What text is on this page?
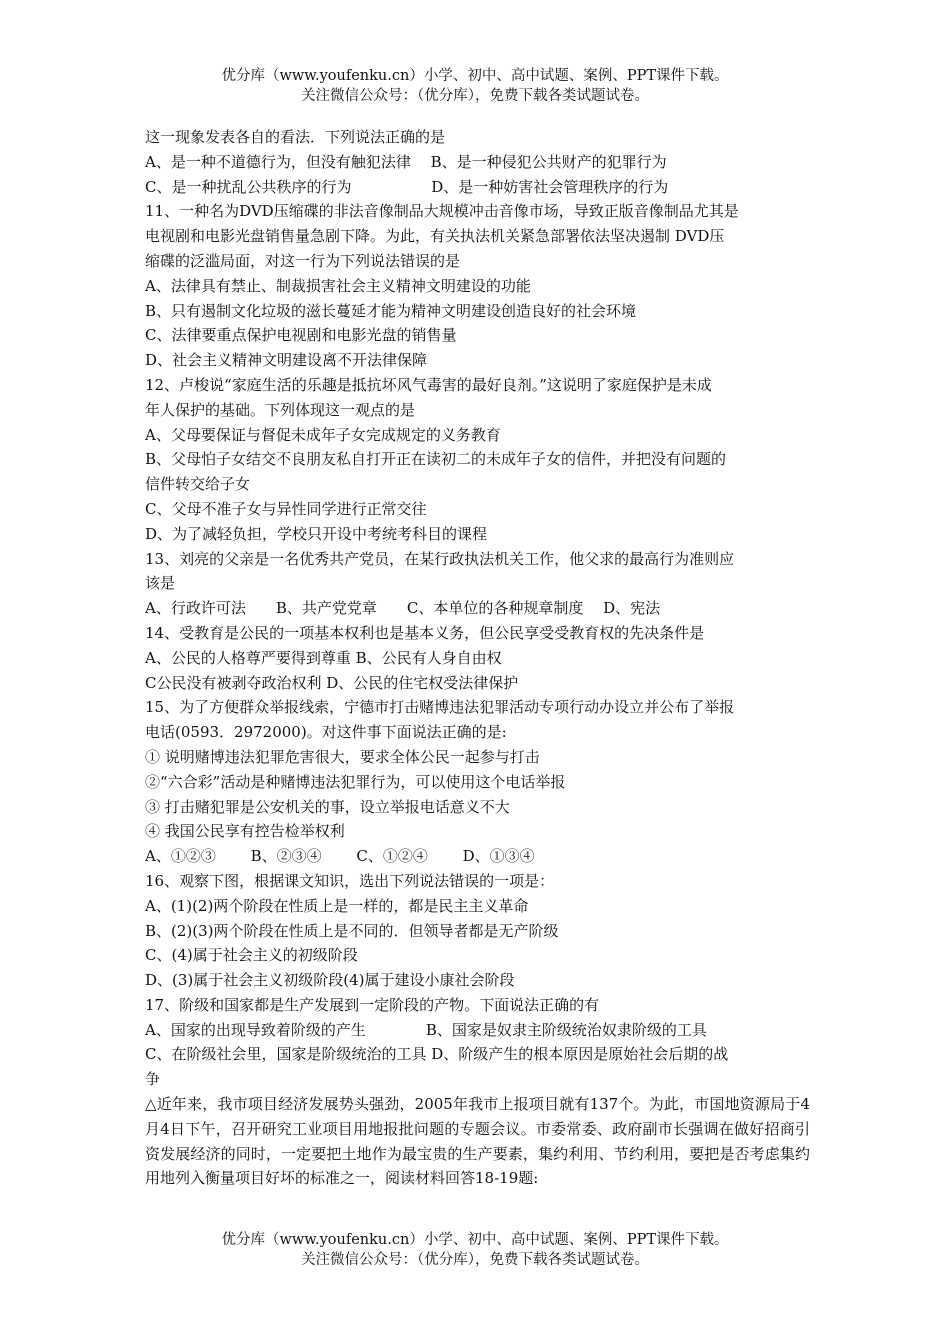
优分库（www.youfenku.cn）小学、初中、高中试题、案例、PPT课件下载。
关注微信公众号：（优分库），免费下载各类试题试卷。
这一现象发表各自的看法．下列说法正确的是
A、是一种不道德行为，但没有触犯法律　 B、是一种侵犯公共财产的犯罪行为
C、是一种扰乱公共秩序的行为　　　　　 D、是一种妨害社会管理秩序的行为
11、一种名为DVD压缩碟的非法音像制品大规模冲击音像市场，导致正版音像制品尤其是
电视剧和电影光盘销售量急剧下降。为此，有关执法机关紧急部署依法坚决遏制 DVD压
缩碟的泛滥局面，对这一行为下列说法错误的是
A、法律具有禁止、制裁损害社会主义精神文明建设的功能
B、只有遏制文化垃圾的滋长蔓延才能为精神文明建设创造良好的社会环境
C、法律要重点保护电视剧和电影光盘的销售量
D、社会主义精神文明建设离不开法律保障
12、卢梭说“家庭生活的乐趣是抵抗坏风气毒害的最好良剂。”这说明了家庭保护是未成
年人保护的基础。下列体现这一观点的是
A、父母要保证与督促未成年子女完成规定的义务教育
B、父母怕子女结交不良朋友私自打开正在读初二的未成年子女的信件，并把没有问题的
信件转交给子女
C、父母不准子女与异性同学进行正常交往
D、为了减轻负担，学校只开设中考统考科目的课程
13、刘亮的父亲是一名优秀共产党员，在某行政执法机关工作，他父求的最高行为准则应
该是
A、行政许可法　　B、共产党党章　　C、本单位的各种规章制度　 D、宪法
14、受教育是公民的一项基本权利也是基本义务，但公民享受受教育权的先决条件是
A、公民的人格尊严要得到尊重 B、公民有人身自由权
C公民没有被剥夺政治权利 D、公民的住宅权受法律保护
15、为了方便群众举报线索，宁德市打击赌博违法犯罪活动专项行动办设立并公布了举报
电话(0593．2972000)。对这件事下面说法正确的是:
① 说明赌博违法犯罪危害很大，要求全体公民一起参与打击
②“六合彩”活动是种赌博违法犯罪行为，可以使用这个电话举报
③ 打击赌犯罪是公安机关的事，设立举报电话意义不大
④ 我国公民享有控告检举权利
A、①②③　　 B、②③④　　 C、①②④　　 D、①③④
16、观察下图，根据课文知识，选出下列说法错误的一项是：
A、(1)(2)两个阶段在性质上是一样的，都是民主主义革命
B、(2)(3)两个阶段在性质上是不同的．但领导者都是无产阶级
C、(4)属于社会主义的初级阶段
D、(3)属于社会主义初级阶段(4)属于建设小康社会阶段
17、阶级和国家都是生产发展到一定阶段的产物。下面说法正确的有
A、国家的出现导致着阶级的产生　　　　B、国家是奴隶主阶级统治奴隶阶级的工具
C、在阶级社会里，国家是阶级统治的工具 D、阶级产生的根本原因是原始社会后期的战
争
△近年来，我市项目经济发展势头强劲，2005年我市上报项目就有137个。为此，市国地资源局于4月4日下午，召开研究工业项目用地报批问题的专题会议。市委常委、政府副市长强调在做好招商引资发展经济的同时，一定要把土地作为最宝贵的生产要素，集约利用、节约利用，要把是否考虑集约用地列入衡量项目好坏的标准之一，阅读材料回答18-19题:
优分库（www.youfenku.cn）小学、初中、高中试题、案例、PPT课件下载。
关注微信公众号：（优分库），免费下载各类试题试卷。
